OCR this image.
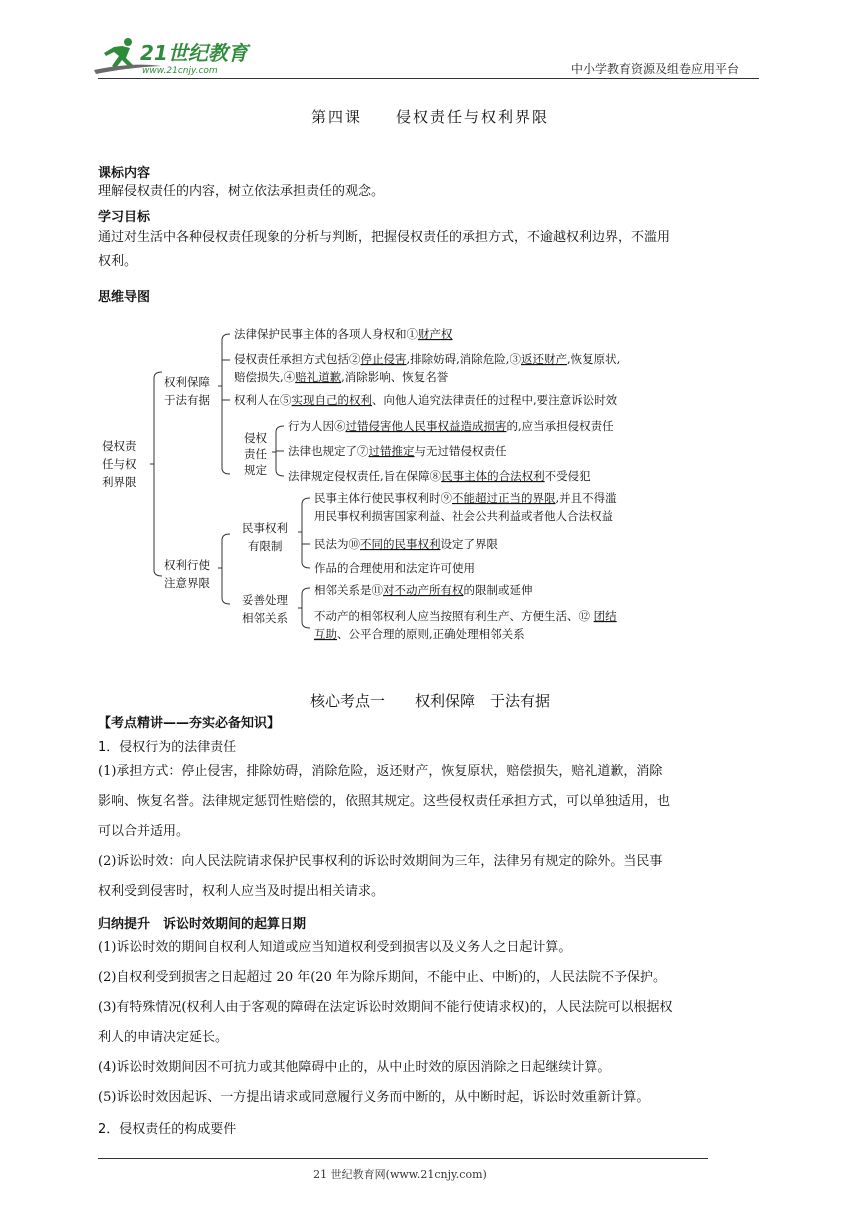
21世纪教育
www.21cnjy.com	中小学教育资源及组卷应用平台
第四课　　侵权责任与权利界限
课标内容
理解侵权责任的内容，树立依法承担责任的观念。
学习目标
通过对生活中各种侵权责任现象的分析与判断，把握侵权责任的承担方式，不逾越权利边界，不滥用
权利。
思维导图
侵权责
任与权
利界限
权利保障
于法有据
法律保护民事主体的各项人身权和①财产权
侵权责任承担方式包括②停止侵害,排除妨碍,消除危险,③返还财产,恢复原状,
赔偿损失,④赔礼道歉,消除影响、恢复名誉
权利人在⑤实现自己的权利、向他人追究法律责任的过程中,要注意诉讼时效
侵权
责任
规定
行为人因⑥过错侵害他人民事权益造成损害的,应当承担侵权责任
法律也规定了⑦过错推定与无过错侵权责任
法律规定侵权责任,旨在保障⑧民事主体的合法权利不受侵犯
权利行使
注意界限
民事权利
有限制
民事主体行使民事权利时⑨不能超过正当的界限,并且不得滥
用民事权利损害国家利益、社会公共利益或者他人合法权益
民法为⑩不同的民事权利设定了界限
作品的合理使用和法定许可使用
妥善处理
相邻关系
相邻关系是⑪对不动产所有权的限制或延伸
不动产的相邻权利人应当按照有利生产、方便生活、⑫ 团结
互助、公平合理的原则,正确处理相邻关系
核心考点一　　权利保障　于法有据
【考点精讲——夯实必备知识】
1．侵权行为的法律责任
(1)承担方式：停止侵害，排除妨碍，消除危险，返还财产，恢复原状，赔偿损失，赔礼道歉，消除
影响、恢复名誉。法律规定惩罚性赔偿的，依照其规定。这些侵权责任承担方式，可以单独适用，也
可以合并适用。
(2)诉讼时效：向人民法院请求保护民事权利的诉讼时效期间为三年，法律另有规定的除外。当民事
权利受到侵害时，权利人应当及时提出相关请求。
归纳提升　诉讼时效期间的起算日期
(1)诉讼时效的期间自权利人知道或应当知道权利受到损害以及义务人之日起计算。
(2)自权利受到损害之日起超过 20 年(20 年为除斥期间，不能中止、中断)的，人民法院不予保护。
(3)有特殊情况(权利人由于客观的障碍在法定诉讼时效期间不能行使请求权)的，人民法院可以根据权
利人的申请决定延长。
(4)诉讼时效期间因不可抗力或其他障碍中止的，从中止时效的原因消除之日起继续计算。
(5)诉讼时效因起诉、一方提出请求或同意履行义务而中断的，从中断时起，诉讼时效重新计算。
2．侵权责任的构成要件
21 世纪教育网(www.21cnjy.com)
